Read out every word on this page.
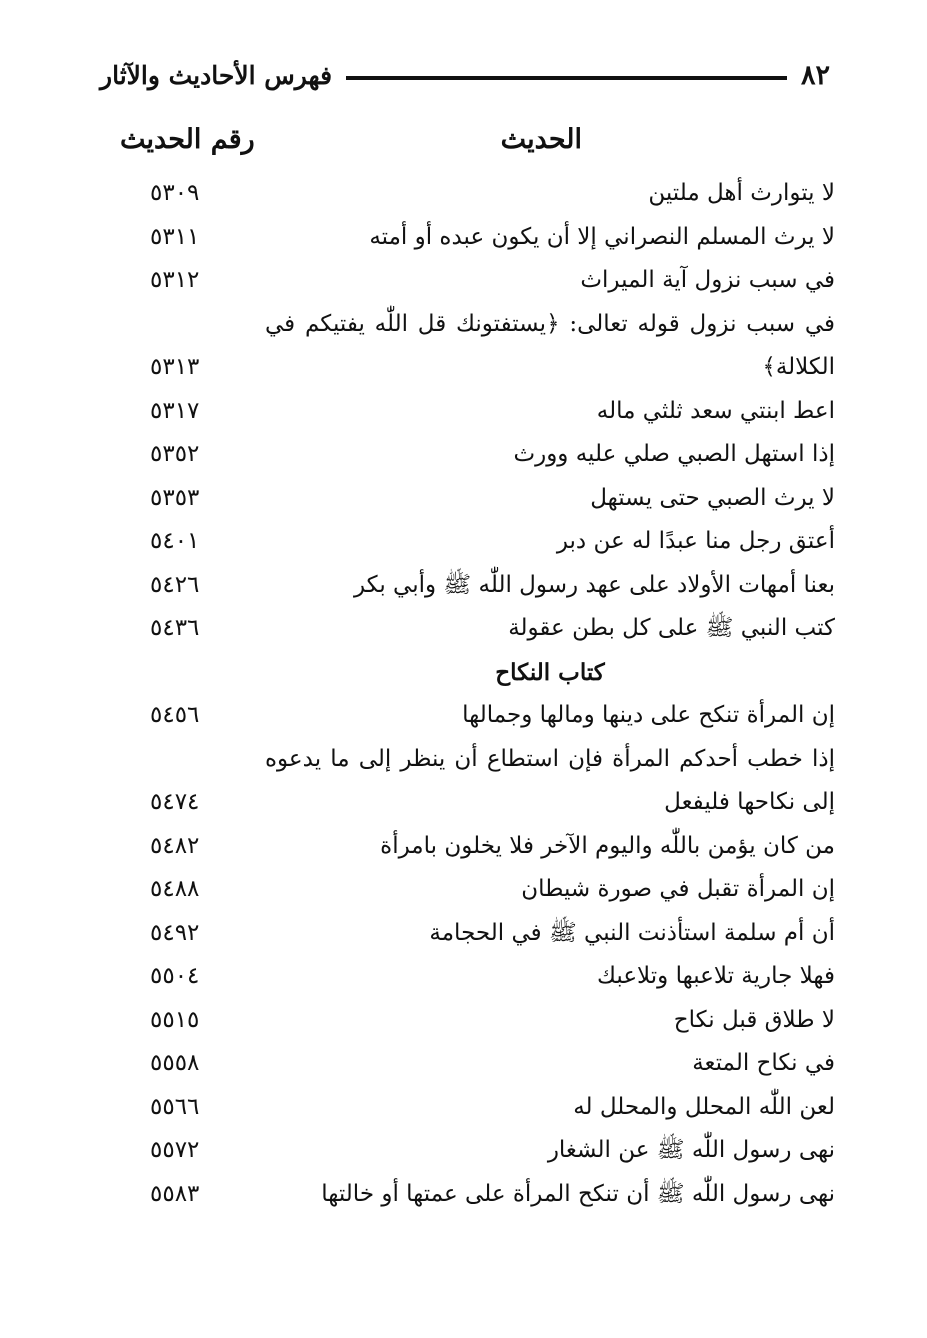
٨٢
فهرس الأحاديث والآثار
الحديث
رقم الحديث
لا يتوارث أهل ملتين
٥٣٠٩
لا يرث المسلم النصراني إلا أن يكون عبده أو أمته
٥٣١١
في سبب نزول آية الميراث
٥٣١٢
في سبب نزول قوله تعالى: ﴿يستفتونك قل اللّٰه يفتيكم في الكلالة﴾
٥٣١٣
اعط ابنتي سعد ثلثي ماله
٥٣١٧
إذا استهل الصبي صلي عليه وورث
٥٣٥٢
لا يرث الصبي حتى يستهل
٥٣٥٣
أعتق رجل منا عبدًا له عن دبر
٥٤٠١
بعنا أمهات الأولاد على عهد رسول اللّٰه ﷺ وأبي بكر
٥٤٢٦
كتب النبي ﷺ على كل بطن عقولة
٥٤٣٦
كتاب النكاح
إن المرأة تنكح على دينها ومالها وجمالها
٥٤٥٦
إذا خطب أحدكم المرأة فإن استطاع أن ينظر إلى ما يدعوه إلى نكاحها فليفعل
٥٤٧٤
من كان يؤمن باللّٰه واليوم الآخر فلا يخلون بامرأة
٥٤٨٢
إن المرأة تقبل في صورة شيطان
٥٤٨٨
أن أم سلمة استأذنت النبي ﷺ في الحجامة
٥٤٩٢
فهلا جارية تلاعبها وتلاعبك
٥٥٠٤
لا طلاق قبل نكاح
٥٥١٥
في نكاح المتعة
٥٥٥٨
لعن اللّٰه المحلل والمحلل له
٥٥٦٦
نهى رسول اللّٰه ﷺ عن الشغار
٥٥٧٢
نهى رسول اللّٰه ﷺ أن تنكح المرأة على عمتها أو خالتها
٥٥٨٣
